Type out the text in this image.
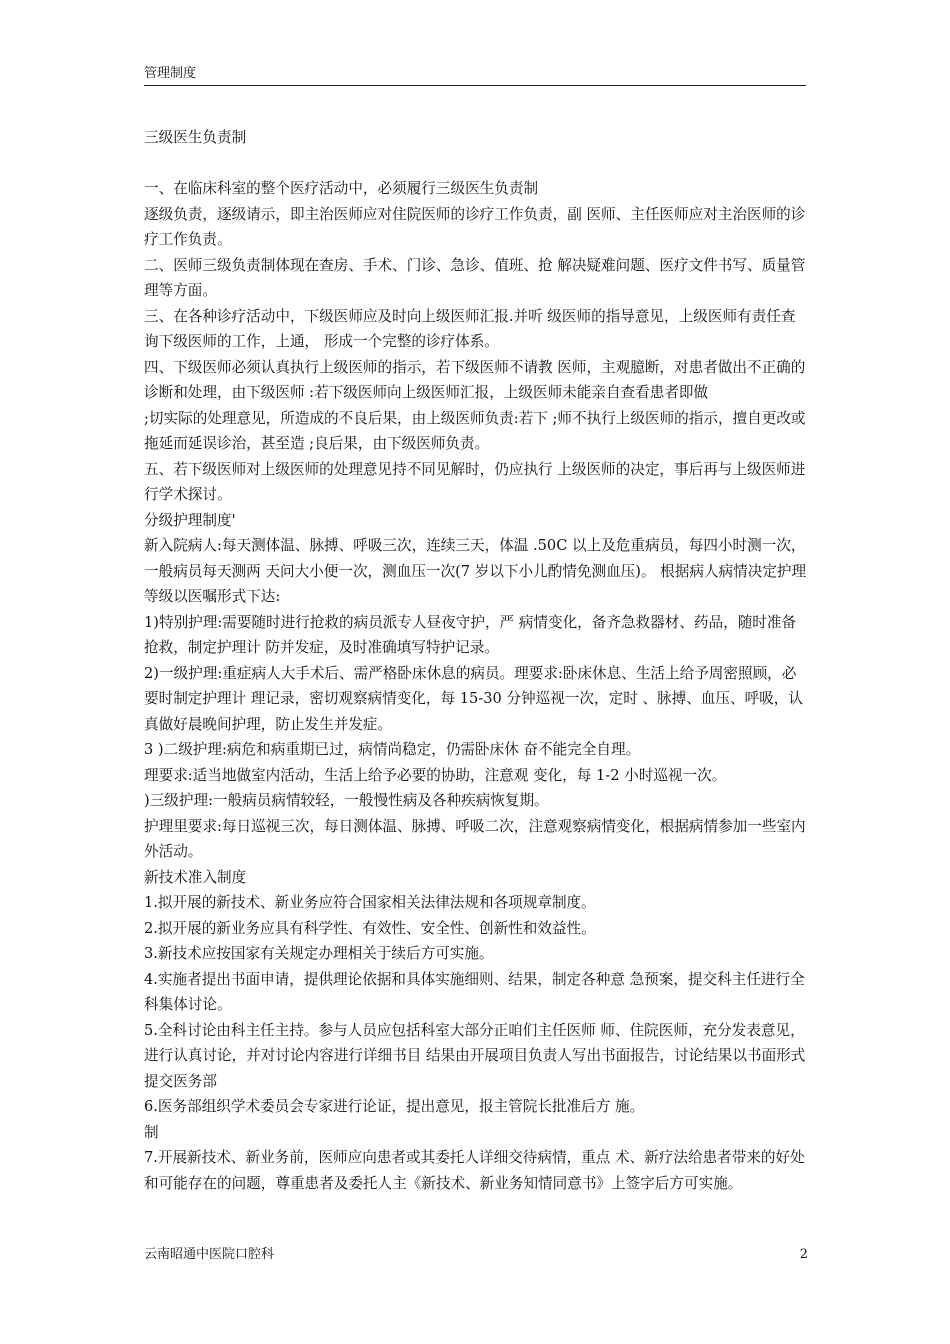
管理制度

三级医生负责制

一、在临床科室的整个医疗活动中，必须履行三级医生负责制

逐级负责，逐级请示，即主治医师应对住院医师的诊疗工作负责，副 医师、主任医师应对主治医师的诊疗工作负责。

二、医师三级负责制体现在查房、手术、门诊、急诊、值班、抢 解决疑难问题、医疗文件书写、质量管理等方面。

三、在各种诊疗活动中，下级医师应及时向上级医师汇报.并听 级医师的指导意见，上级医师有责任查询下级医师的工作，上通， 形成一个完整的诊疗体系。

四、下级医师必须认真执行上级医师的指示，若下级医师不请教 医师，主观臆断，对患者做出不正确的诊断和处理，由下级医师 :若下级医师向上级医师汇报，上级医师未能亲自查看患者即做

;切实际的处理意见，所造成的不良后果，由上级医师负责:若下 ;师不执行上级医师的指示，擅自更改或拖延而延误诊治，甚至造 ;良后果，由下级医师负责。

五、若下级医师对上级医师的处理意见持不同见解时，仍应执行 上级医师的决定，事后再与上级医师进行学术探讨。

分级护理制度'

新入院病人:每天测体温、脉搏、呼吸三次，连续三天，体温 .50C 以上及危重病员，每四小时测一次，一般病员每天测两 天问大小便一次，测血压一次(7 岁以下小儿酌情免测血压)。 根据病人病情决定护理等级以医嘱形式下达:

1)特别护理:需要随时进行抢救的病员派专人昼夜守护，严 病情变化，备齐急救器材、药品，随时准备抢救，制定护理计 防并发症，及时准确填写特护记录。

2)一级护理:重症病人大手术后、需严格卧床休息的病员。理要求:卧床休息、生活上给予周密照顾，必要时制定护理计 理记录，密切观察病情变化，每 15-30 分钟巡视一次，定时 、脉搏、血压、呼吸，认真做好晨晚间护理，防止发生并发症。

3 )二级护理:病危和病重期已过，病情尚稳定，仍需卧床休 奋不能完全自理。

理要求:适当地做室内活动，生活上给予必要的协助，注意观 变化，每 1-2 小时巡视一次。

)三级护理:一般病员病情较轻，一般慢性病及各种疾病恢复期。

护理里要求:每日巡视三次，每日测体温、脉搏、呼吸二次，注意观察病情变化，根据病情参加一些室内外活动。

新技术准入制度

1.拟开展的新技术、新业务应符合国家相关法律法规和各项规章制度。

2.拟开展的新业务应具有科学性、有效性、安全性、创新性和效益性。

3.新技术应按国家有关规定办理相关于续后方可实施。

4.实施者提出书面申请，提供理论依据和具体实施细则、结果，制定各种意 急预案，提交科主任进行全科集体讨论。

5.全科讨论由科主任主持。参与人员应包括科室大部分正咱们主任医师 师、住院医师，充分发表意见，进行认真讨论，并对讨论内容进行详细书目 结果由开展项目负责人写出书面报告，讨论结果以书面形式提交医务部

6.医务部组织学术委员会专家进行论证，提出意见，报主管院长批准后方 施。

制

7.开展新技术、新业务前，医师应向患者或其委托人详细交待病情，重点 术、新疗法给患者带来的好处和可能存在的问题，尊重患者及委托人主《新技术、新业务知情同意书》上签字后方可实施。

云南昭通中医院口腔科	2
